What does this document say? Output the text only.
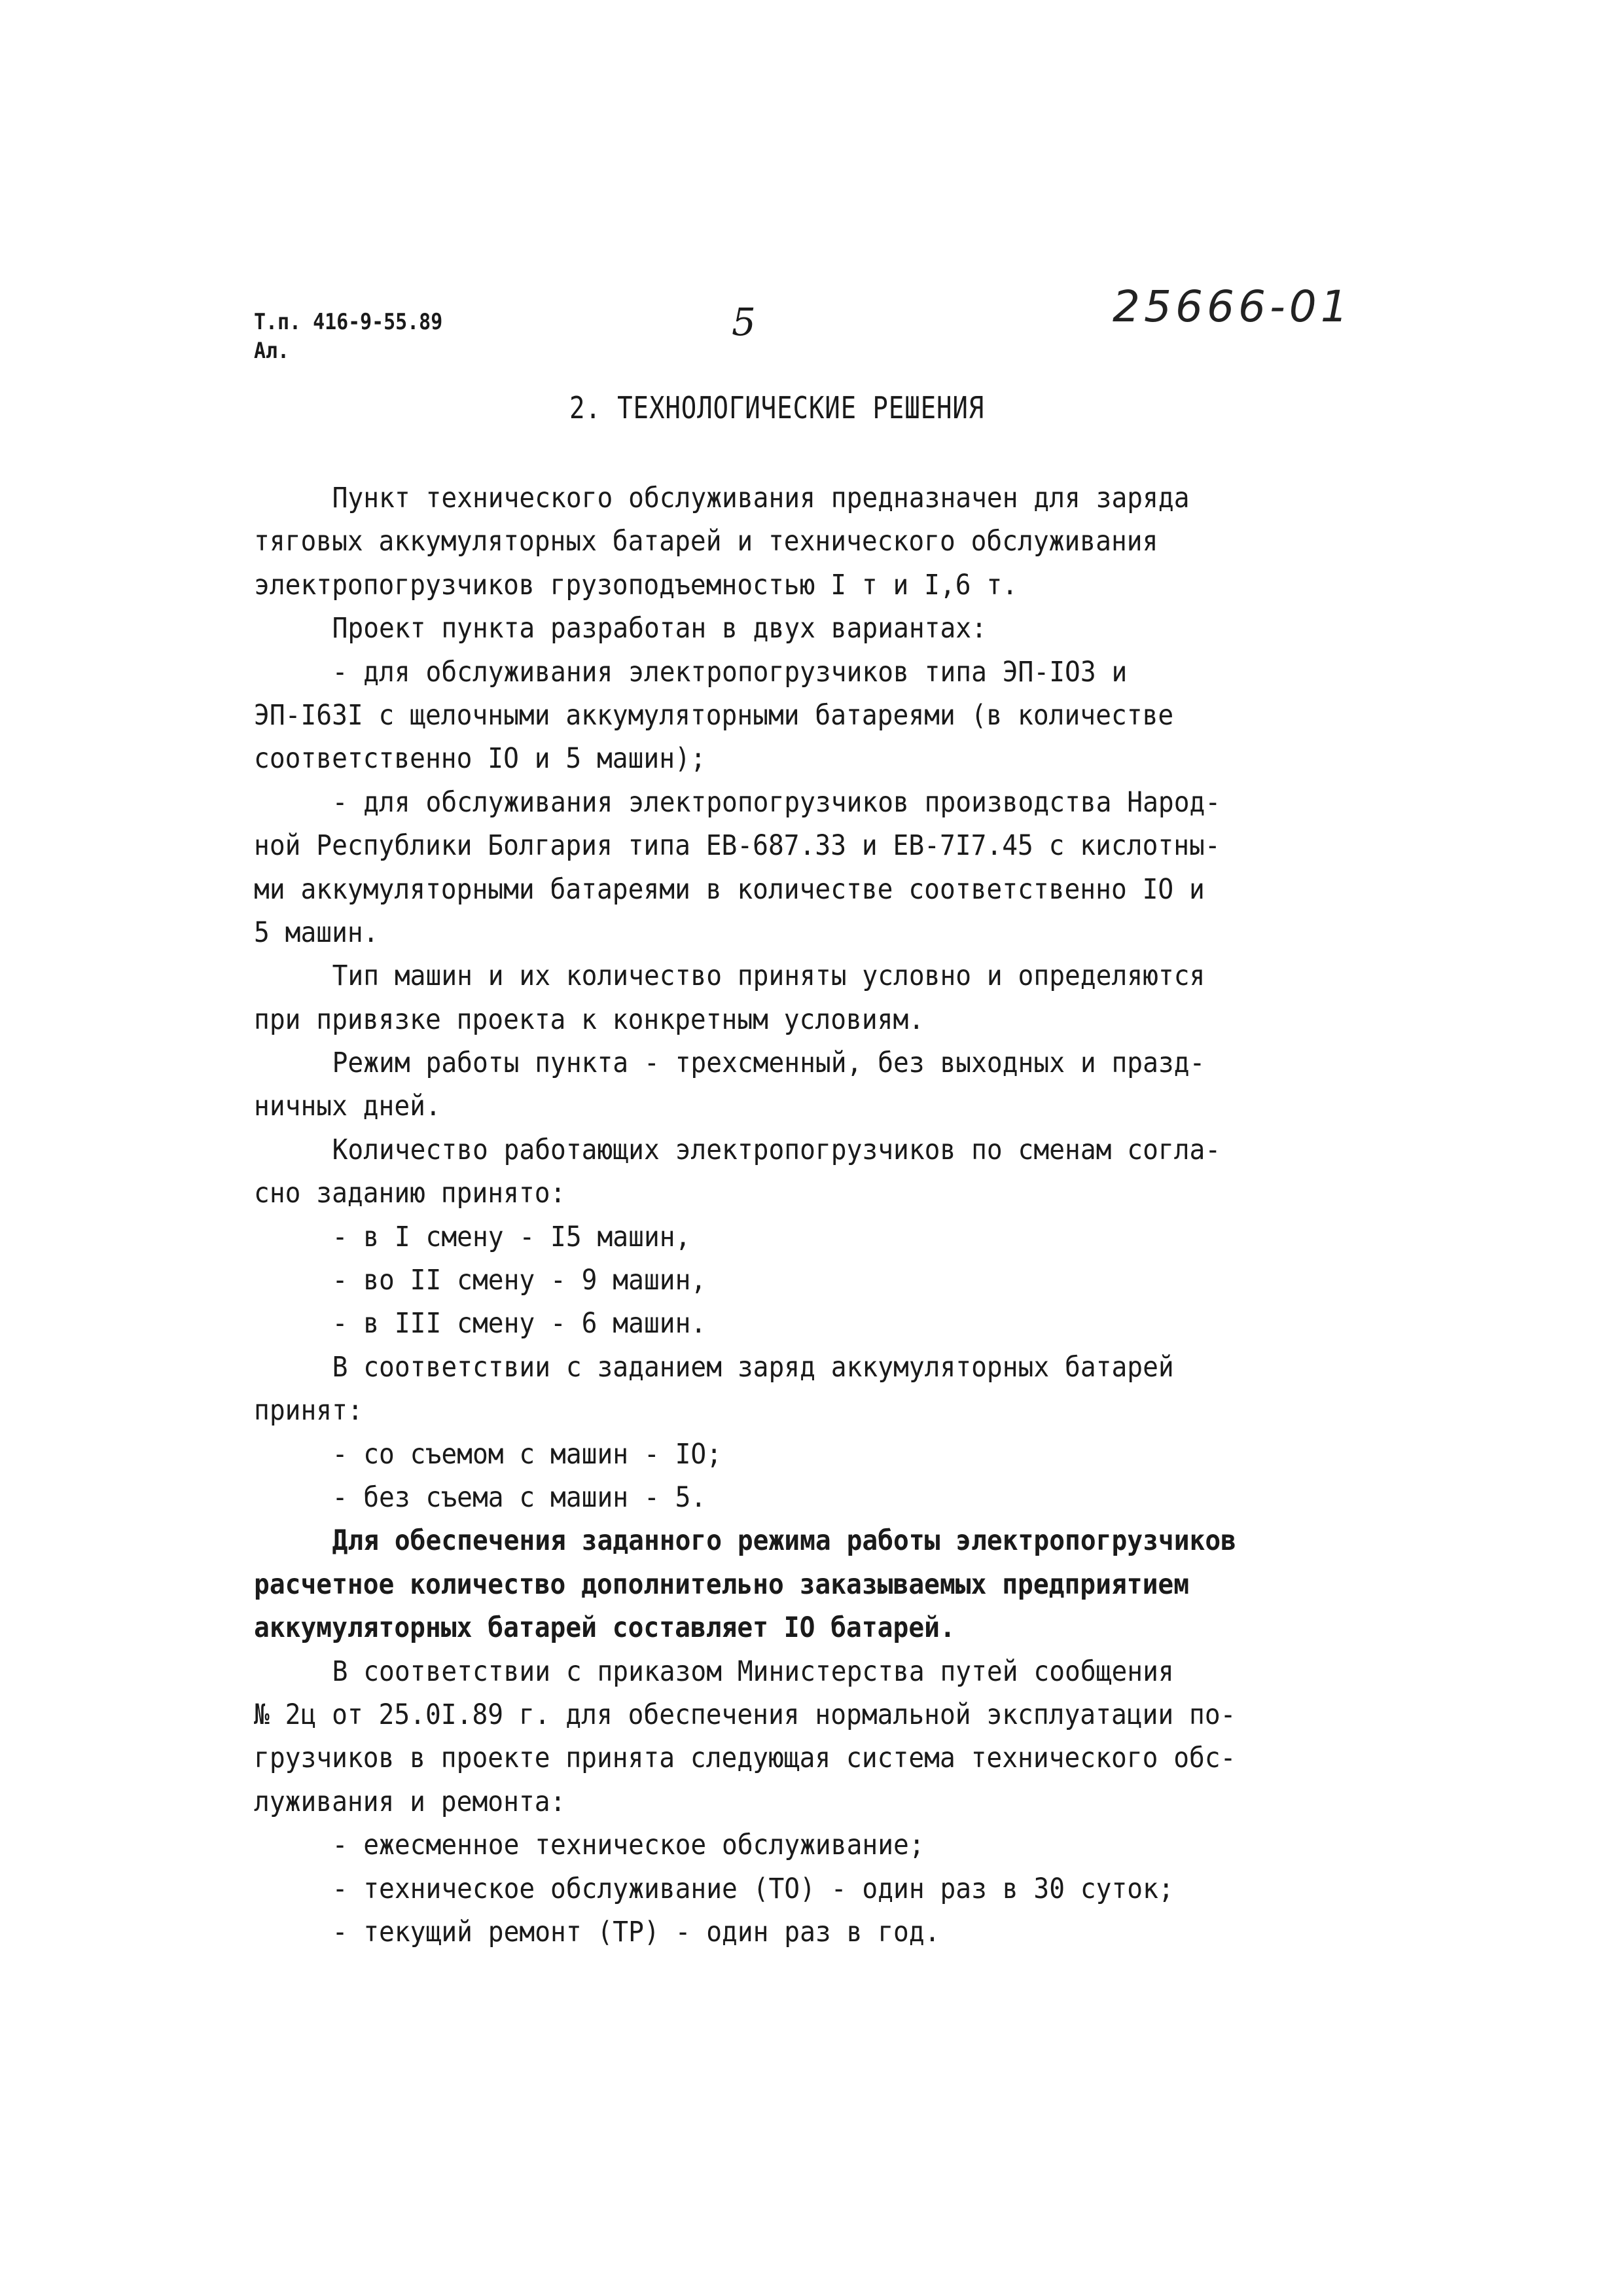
Т.п. 416-9-55.89
Ал.
5	25666-01
2. ТЕХНОЛОГИЧЕСКИЕ РЕШЕНИЯ
Пункт технического обслуживания предназначен для заряда
тяговых аккумуляторных батарей и технического обслуживания
электропогрузчиков грузоподъемностью I т и I,6 т.
Проект пункта разработан в двух вариантах:
- для обслуживания электропогрузчиков типа ЭП-IO3 и
ЭП-I63I с щелочными аккумуляторными батареями (в количестве
соответственно IO и 5 машин);
- для обслуживания электропогрузчиков производства Народ-
ной Республики Болгария типа ЕВ-687.33 и ЕВ-7I7.45 с кислотны-
ми аккумуляторными батареями в количестве соответственно IO и
5 машин.
Тип машин и их количество приняты условно и определяются
при привязке проекта к конкретным условиям.
Режим работы пункта - трехсменный, без выходных и празд-
ничных дней.
Количество работающих электропогрузчиков по сменам согла-
сно заданию принято:
- в I смену - I5 машин,
- во II смену - 9 машин,
- в III смену - 6 машин.
В соответствии с заданием заряд аккумуляторных батарей
принят:
- со съемом с машин - IO;
- без съема с машин - 5.
Для обеспечения заданного режима работы электропогрузчиков
расчетное количество дополнительно заказываемых предприятием
аккумуляторных батарей составляет IO батарей.
В соответствии с приказом Министерства путей сообщения
№ 2ц от 25.0I.89 г. для обеспечения нормальной эксплуатации по-
грузчиков в проекте принята следующая система технического обс-
луживания и ремонта:
- ежесменное техническое обслуживание;
- техническое обслуживание (ТО) - один раз в 30 суток;
- текущий ремонт (ТР) - один раз в год.
